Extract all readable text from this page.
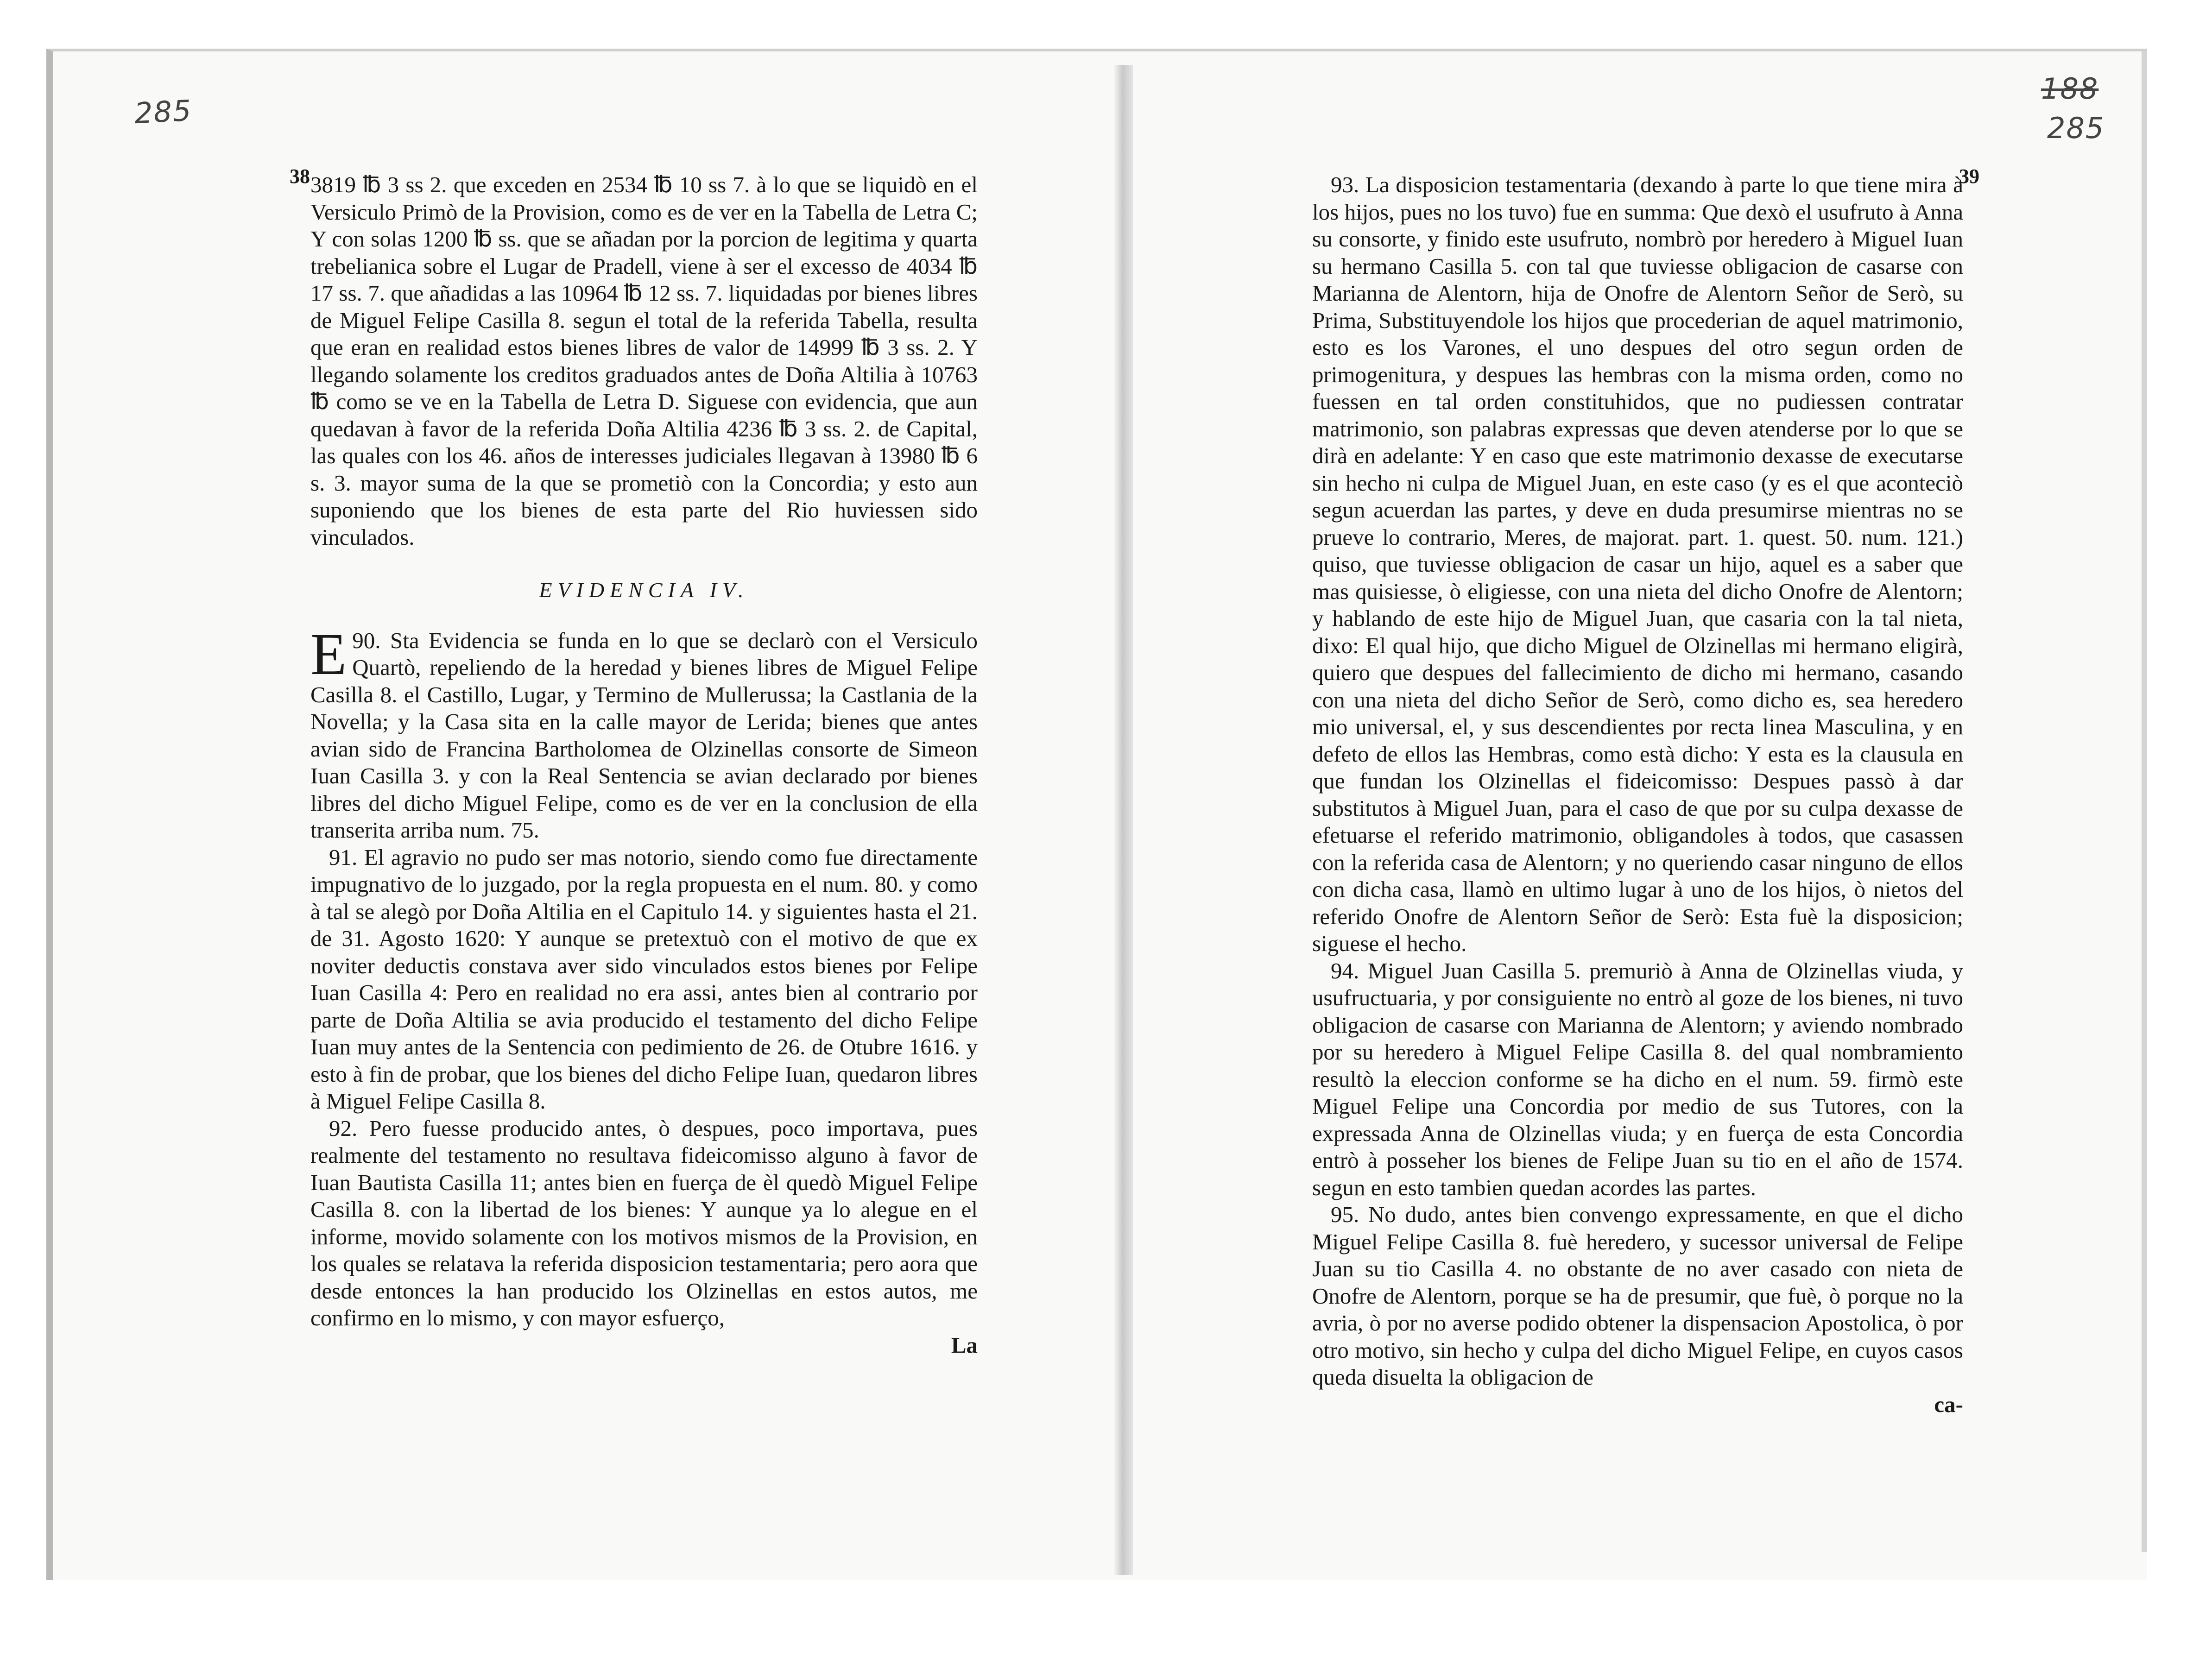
285
188
285
38 3819 ℔ 3 ss 2. que exceden en 2534 ℔ 10 ss 7. à lo que se liquidò en el Versiculo Primò de la Provision, como es de ver en la Tabella de Letra C; Y con solas 1200 ℔ ss. que se añadan por la porcion de legitima y quarta trebelianica sobre el Lugar de Pradell, viene à ser el excesso de 4034 ℔ 17 ss. 7. que añadidas a las 10964 ℔ 12 ss. 7. liquidadas por bienes libres de Miguel Felipe Casilla 8. segun el total de la referida Tabella, resulta que eran en realidad estos bienes libres de valor de 14999 ℔ 3 ss. 2. Y llegando solamente los creditos graduados antes de Doña Altilia à 10763 ℔ como se ve en la Tabella de Letra D. Siguese con evidencia, que aun quedavan à favor de la referida Doña Altilia 4236 ℔ 3 ss. 2. de Capital, las quales con los 46. años de interesses judiciales llegavan à 13980 ℔ 6 s. 3. mayor suma de la que se prometiò con la Concordia; y esto aun suponiendo que los bienes de esta parte del Rio huviessen sido vinculados.

EVIDENCIA IV.

90.
E Sta Evidencia se funda en lo que se declarò con el Versiculo Quartò, repeliendo de la heredad y bienes libres de Miguel Felipe Casilla 8. el Castillo, Lugar, y Termino de Mullerussa; la Castlania de la Novella; y la Casa sita en la calle mayor de Lerida; bienes que antes avian sido de Francina Bartholomea de Olzinellas consorte de Simeon Iuan Casilla 3. y con la Real Sentencia se avian declarado por bienes libres del dicho Miguel Felipe, como es de ver en la conclusion de ella transerita arriba num. 75.

91. El agravio no pudo ser mas notorio, siendo como fue directamente impugnativo de lo juzgado, por la regla propuesta en el num. 80. y como à tal se alegò por Doña Altilia en el Capitulo 14. y siguientes hasta el 21. de 31. Agosto 1620: Y aunque se pretextuò con el motivo de que ex noviter deductis constava aver sido vinculados estos bienes por Felipe Iuan Casilla 4: Pero en realidad no era assi, antes bien al contrario por parte de Doña Altilia se avia producido el testamento del dicho Felipe Iuan muy antes de la Sentencia con pedimiento de 26. de Otubre 1616. y esto à fin de probar, que los bienes del dicho Felipe Iuan, quedaron libres à Miguel Felipe Casilla 8.

92. Pero fuesse producido antes, ò despues, poco importava, pues realmente del testamento no resultava fideicomisso alguno à favor de Iuan Bautista Casilla 11; antes bien en fuerça de èl quedò Miguel Felipe Casilla 8. con la libertad de los bienes: Y aunque ya lo alegue en el informe, movido solamente con los motivos mismos de la Provision, en los quales se relatava la referida disposicion testamentaria; pero aora que desde entonces la han producido los Olzinellas en estos autos, me confirmo en lo mismo, y con mayor esfuerço,

La
39

93. La disposicion testamentaria (dexando à parte lo que tiene mira à los hijos, pues no los tuvo) fue en summa: Que dexò el usufruto à Anna su consorte, y finido este usufruto, nombrò por heredero à Miguel Iuan su hermano Casilla 5. con tal que tuviesse obligacion de casarse con Marianna de Alentorn, hija de Onofre de Alentorn Señor de Serò, su Prima, Substituyendole los hijos que procederian de aquel matrimonio, esto es los Varones, el uno despues del otro segun orden de primogenitura, y despues las hembras con la misma orden, como no fuessen en tal orden constituhidos, que no pudiessen contratar matrimonio, son palabras expressas que deven atenderse por lo que se dirà en adelante: Y en caso que este matrimonio dexasse de executarse sin hecho ni culpa de Miguel Juan, en este caso (y es el que aconteciò segun acuerdan las partes, y deve en duda presumirse mientras no se prueve lo contrario, Meres, de majorat. part. 1. quest. 50. num. 121.) quiso, que tuviesse obligacion de casar un hijo, aquel es a saber que mas quisiesse, ò eligiesse, con una nieta del dicho Onofre de Alentorn; y hablando de este hijo de Miguel Juan, que casaria con la tal nieta, dixo: El qual hijo, que dicho Miguel de Olzinellas mi hermano eligirà, quiero que despues del fallecimiento de dicho mi hermano, casando con una nieta del dicho Señor de Serò, como dicho es, sea heredero mio universal, el, y sus descendientes por recta linea Masculina, y en defeto de ellos las Hembras, como està dicho: Y esta es la clausula en que fundan los Olzinellas el fideicomisso: Despues passò à dar substitutos à Miguel Juan, para el caso de que por su culpa dexasse de efetuarse el referido matrimonio, obligandoles à todos, que casassen con la referida casa de Alentorn; y no queriendo casar ninguno de ellos con dicha casa, llamò en ultimo lugar à uno de los hijos, ò nietos del referido Onofre de Alentorn Señor de Serò: Esta fuè la disposicion; siguese el hecho.

94. Miguel Juan Casilla 5. premuriò à Anna de Olzinellas viuda, y usufructuaria, y por consiguiente no entrò al goze de los bienes, ni tuvo obligacion de casarse con Marianna de Alentorn; y aviendo nombrado por su heredero à Miguel Felipe Casilla 8. del qual nombramiento resultò la eleccion conforme se ha dicho en el num. 59. firmò este Miguel Felipe una Concordia por medio de sus Tutores, con la expressada Anna de Olzinellas viuda; y en fuerça de esta Concordia entrò à posseher los bienes de Felipe Juan su tio en el año de 1574. segun en esto tambien quedan acordes las partes.

95. No dudo, antes bien convengo expressamente, en que el dicho Miguel Felipe Casilla 8. fuè heredero, y sucessor universal de Felipe Juan su tio Casilla 4. no obstante de no aver casado con nieta de Onofre de Alentorn, porque se ha de presumir, que fuè, ò porque no la avria, ò por no averse podido obtener la dispensacion Apostolica, ò por otro motivo, sin hecho y culpa del dicho Miguel Felipe, en cuyos casos queda disuelta la obligacion de

ca-
